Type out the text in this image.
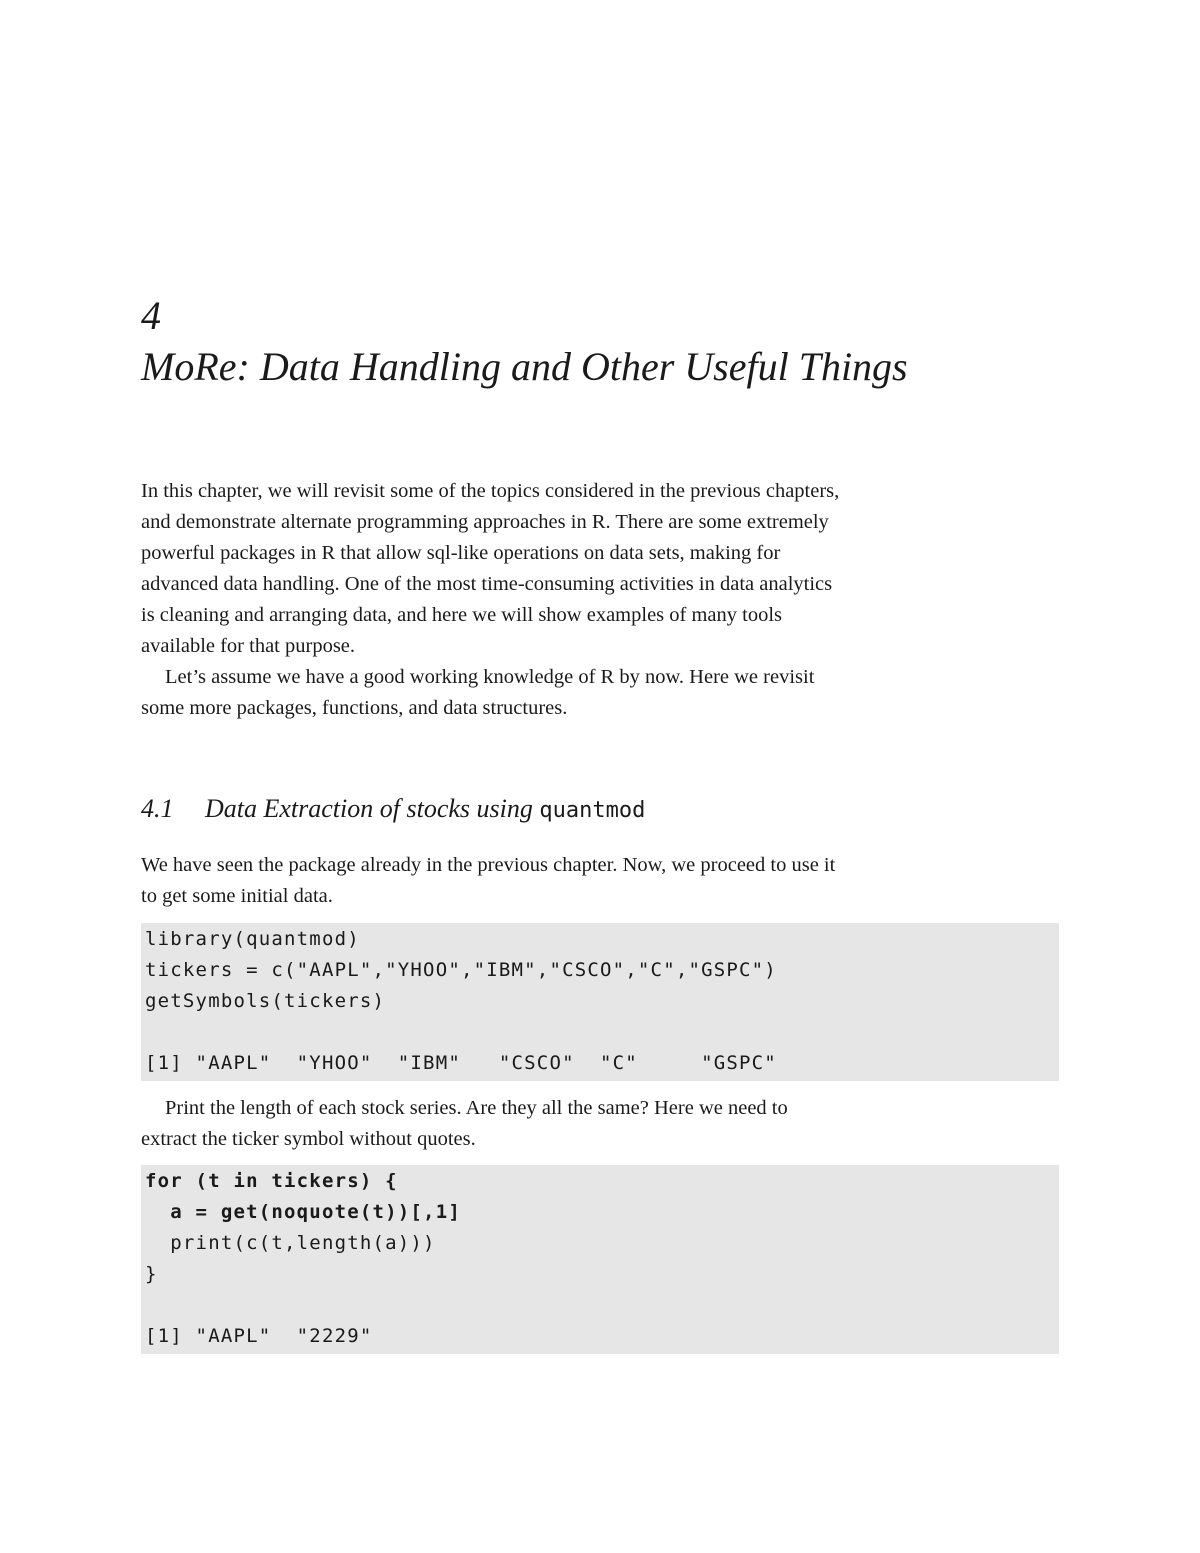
4
MoRe: Data Handling and Other Useful Things

In this chapter, we will revisit some of the topics considered in the previous chapters, and demonstrate alternate programming approaches in R. There are some extremely powerful packages in R that allow sql-like operations on data sets, making for advanced data handling. One of the most time-consuming activities in data analytics is cleaning and arranging data, and here we will show examples of many tools available for that purpose.

Let’s assume we have a good working knowledge of R by now. Here we revisit some more packages, functions, and data structures.

4.1 Data Extraction of stocks using quantmod

We have seen the package already in the previous chapter. Now, we proceed to use it to get some initial data.

library(quantmod)
tickers = c("AAPL","YHOO","IBM","CSCO","C","GSPC")
getSymbols(tickers)
[1] "AAPL"  "YHOO"  "IBM"   "CSCO"  "C"     "GSPC"

Print the length of each stock series. Are they all the same? Here we need to extract the ticker symbol without quotes.

for (t in tickers) {
a = get(noquote(t))[,1]
print(c(t,length(a)))
}
[1] "AAPL"  "2229"
